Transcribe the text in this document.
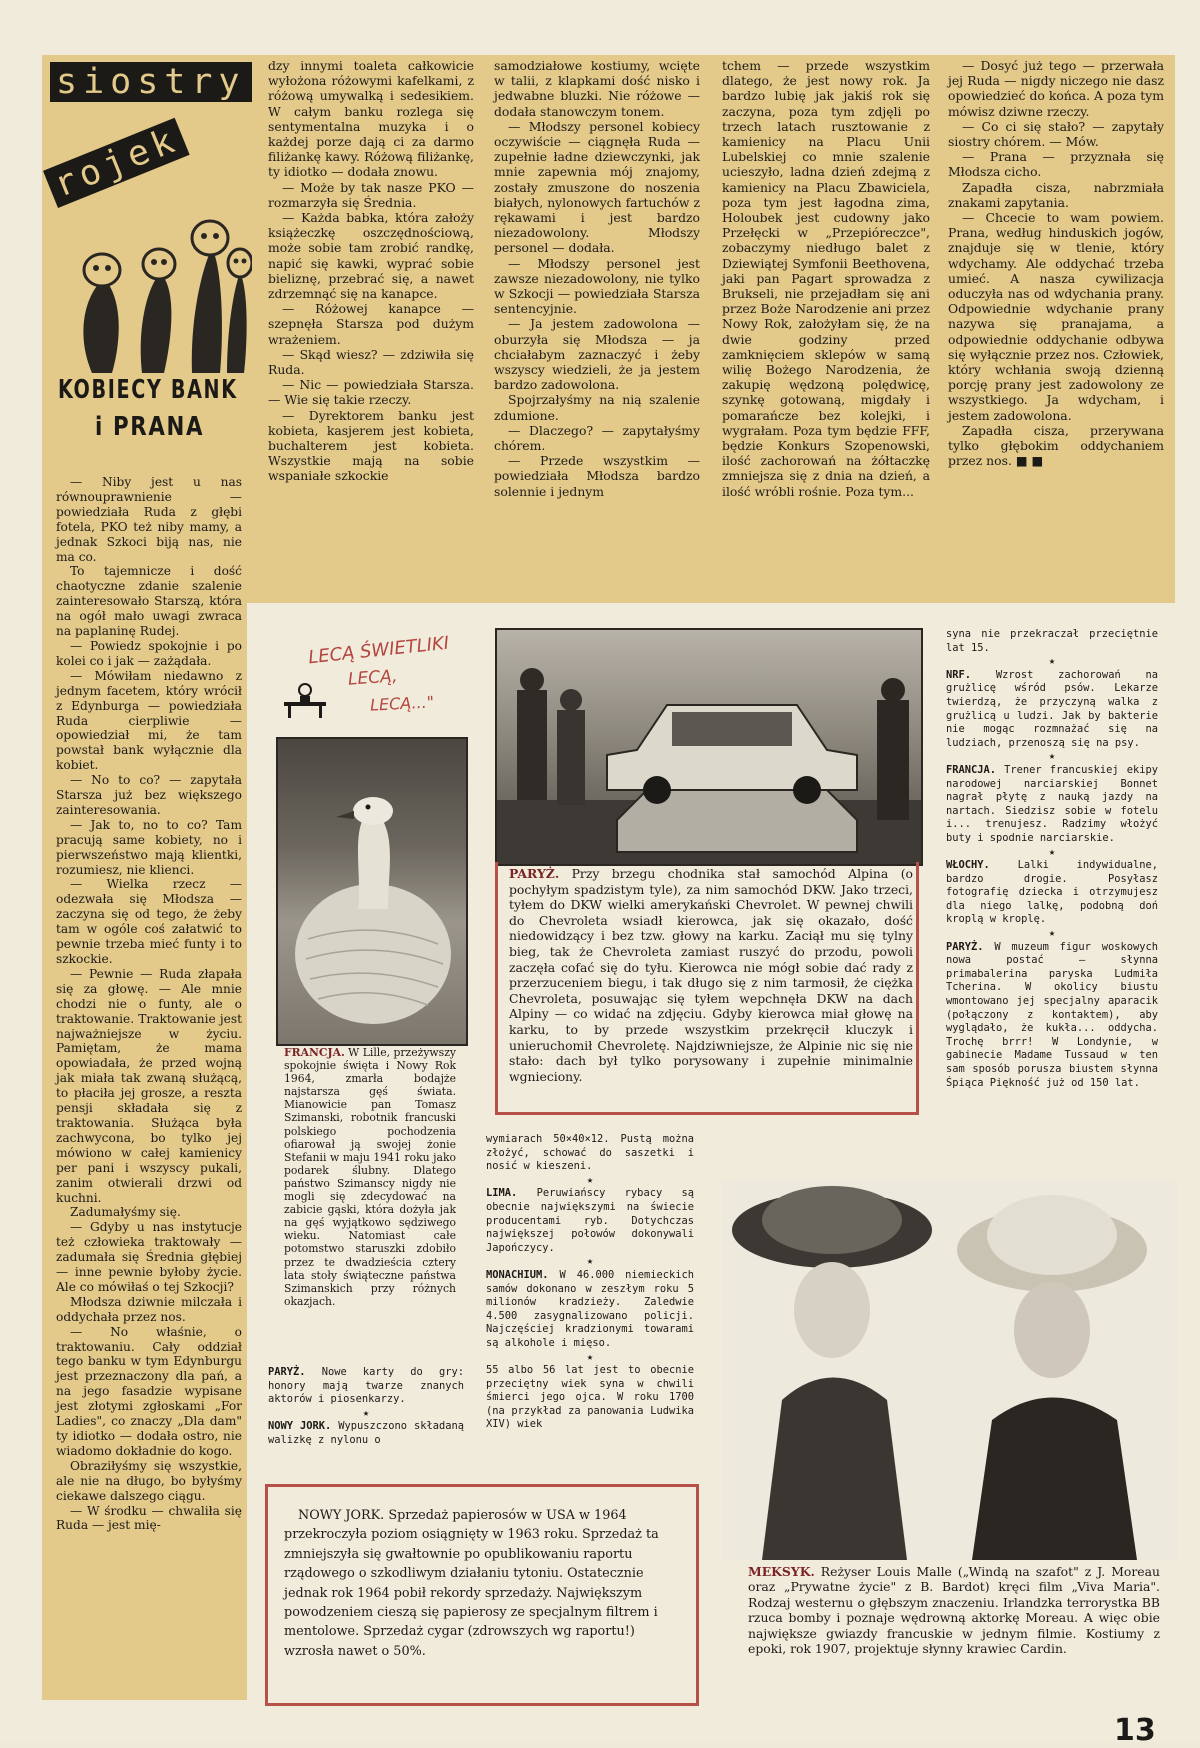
siostry
rojek
KOBIECY BANK
i PRANA

— Niby jest u nas równouprawnienie — powiedziała Ruda z głębi fotela, PKO też niby mamy, a jednak Szkoci biją nas, nie ma co.

To tajemnicze i dość chaotyczne zdanie szalenie zainteresowało Starszą, która na ogół mało uwagi zwraca na paplaninę Rudej.

— Powiedz spokojnie i po kolei co i jak — zażądała.

— Mówiłam niedawno z jednym facetem, który wrócił z Edynburga — powiedziała Ruda cierpliwie — opowiedział mi, że tam powstał bank wyłącznie dla kobiet.

— No to co? — zapytała Starsza już bez większego zainteresowania.

— Jak to, no to co? Tam pracują same kobiety, no i pierwszeństwo mają klientki, rozumiesz, nie klienci.

— Wielka rzecz — odezwała się Młodsza — zaczyna się od tego, że żeby tam w ogóle coś załatwić to pewnie trzeba mieć funty i to szkockie.

— Pewnie — Ruda złapała się za głowę. — Ale mnie chodzi nie o funty, ale o traktowanie. Traktowanie jest najważniejsze w życiu. Pamiętam, że mama opowiadała, że przed wojną jak miała tak zwaną służącą, to płaciła jej grosze, a reszta pensji składała się z traktowania. Służąca była zachwycona, bo tylko jej mówiono w całej kamienicy per pani i wszyscy pukali, zanim otwierali drzwi od kuchni.

Zadumałyśmy się.

— Gdyby u nas instytucje też człowieka traktowały — zadumała się Średnia głębiej — inne pewnie byłoby życie. Ale co mówiłaś o tej Szkocji?

Młodsza dziwnie milczała i oddychała przez nos.

— No właśnie, o traktowaniu. Cały oddział tego banku w tym Edynburgu jest przeznaczony dla pań, a na jego fasadzie wypisane jest złotymi zgłoskami „For Ladies", co znaczy „Dla dam" ty idiotko — dodała ostro, nie wiadomo dokładnie do kogo.

Obraziłyśmy się wszystkie, ale nie na długo, bo byłyśmy ciekawe dalszego ciągu.

— W środku — chwaliła się Ruda — jest mię-

dzy innymi toaleta całkowicie wyłożona różowymi kafelkami, z różową umywalką i sedesikiem. W całym banku rozlega się sentymentalna muzyka i o każdej porze dają ci za darmo filiżankę kawy. Różową filiżankę, ty idiotko — dodała znowu.

— Może by tak nasze PKO — rozmarzyła się Średnia.

— Każda babka, która założy książeczkę oszczędnościową, może sobie tam zrobić randkę, napić się kawki, wyprać sobie bieliznę, przebrać się, a nawet zdrzemnąć się na kanapce.

— Różowej kanapce — szepnęła Starsza pod dużym wrażeniem.

— Skąd wiesz? — zdziwiła się Ruda.

— Nic — powiedziała Starsza. — Wie się takie rzeczy.

— Dyrektorem banku jest kobieta, kasjerem jest kobieta, buchalterem jest kobieta. Wszystkie mają na sobie wspaniałe szkockie

samodziałowe kostiumy, wcięte w talii, z klapkami dość nisko i jedwabne bluzki. Nie różowe — dodała stanowczym tonem.

— Młodszy personel kobiecy oczywiście — ciągnęła Ruda — zupełnie ładne dziewczynki, jak mnie zapewnia mój znajomy, zostały zmuszone do noszenia białych, nylonowych fartuchów z rękawami i jest bardzo niezadowolony. Młodszy personel — dodała.

— Młodszy personel jest zawsze niezadowolony, nie tylko w Szkocji — powiedziała Starsza sentencyjnie.

— Ja jestem zadowolona — oburzyła się Młodsza — ja chciałabym zaznaczyć i żeby wszyscy wiedzieli, że ja jestem bardzo zadowolona.

Spojrzałyśmy na nią szalenie zdumione.

— Dlaczego? — zapytałyśmy chórem.

— Przede wszystkim — powiedziała Młodsza bardzo solennie i jednym

tchem — przede wszystkim dlatego, że jest nowy rok. Ja bardzo lubię jak jakiś rok się zaczyna, poza tym zdjęli po trzech latach rusztowanie z kamienicy na Placu Unii Lubelskiej co mnie szalenie ucieszyło, ladna dzień zdejmą z kamienicy na Placu Zbawiciela, poza tym jest łagodna zima, Holoubek jest cudowny jako Przełęcki w „Przepióreczce", zobaczymy niedługo balet z Dziewiątej Symfonii Beethovena, jaki pan Pagart sprowadza z Brukseli, nie przejadłam się ani przez Boże Narodzenie ani przez Nowy Rok, założyłam się, że na dwie godziny przed zamknięciem sklepów w samą wilię Bożego Narodzenia, że zakupię wędzoną polędwicę, szynkę gotowaną, migdały i pomarańcze bez kolejki, i wygrałam. Poza tym będzie FFF, będzie Konkurs Szopenowski, ilość zachorowań na żółtaczkę zmniejsza się z dnia na dzień, a ilość wróbli rośnie. Poza tym...

— Dosyć już tego — przerwała jej Ruda — nigdy niczego nie dasz opowiedzieć do końca. A poza tym mówisz dziwne rzeczy.

— Co ci się stało? — zapytały siostry chórem. — Mów.

— Prana — przyznała się Młodsza cicho.

Zapadła cisza, nabrzmiała znakami zapytania.

— Chcecie to wam powiem. Prana, według hinduskich jogów, znajduje się w tlenie, który wdychamy. Ale oddychać trzeba umieć. A nasza cywilizacja oduczyła nas od wdychania prany. Odpowiednie wdychanie prany nazywa się pranajama, a odpowiednie oddychanie odbywa się wyłącznie przez nos. Człowiek, który wchłania swoją dzienną porcję prany jest zadowolony ze wszystkiego. Ja wdycham, i jestem zadowolona.

Zapadła cisza, przerywana tylko głębokim oddychaniem przez nos. ■ ■

LECĄ ŚWIETLIKI
LECĄ,
LECĄ..."
FRANCJA. W Lille, przeżywszy spokojnie święta i Nowy Rok 1964, zmarła bodajże najstarsza gęś świata. Mianowicie pan Tomasz Szimanski, robotnik francuski polskiego pochodzenia ofiarował ją swojej żonie Stefanii w maju 1941 roku jako podarek ślubny. Dlatego państwo Szimanscy nigdy nie mogli się zdecydować na zabicie gąski, która dożyła jak na gęś wyjątkowo sędziwego wieku. Natomiast całe potomstwo staruszki zdobiło przez te dwadzieścia cztery lata stoły świąteczne państwa Szimanskich przy różnych okazjach.

PARYŻ. Nowe karty do gry: honory mają twarze znanych aktorów i piosenkarzy.

★

NOWY JORK. Wypuszczono składaną walizkę z nylonu o

PARYŻ. Przy brzegu chodnika stał samochód Alpina (o pochyłym spadzistym tyle), za nim samochód DKW. Jako trzeci, tyłem do DKW wielki amerykański Chevrolet. W pewnej chwili do Chevroleta wsiadł kierowca, jak się okazało, dość niedowidzący i bez tzw. głowy na karku. Zaciął mu się tylny bieg, tak że Chevroleta zamiast ruszyć do przodu, powoli zaczęła cofać się do tyłu. Kierowca nie mógł sobie dać rady z przerzuceniem biegu, i tak długo się z nim tarmosił, że ciężka Chevroleta, posuwając się tyłem wepchnęła DKW na dach Alpiny — co widać na zdjęciu. Gdyby kierowca miał głowę na karku, to by przede wszystkim przekręcił kluczyk i unieruchomił Chevroletę. Najdziwniejsze, że Alpinie nic się nie stało: dach był tylko porysowany i zupełnie minimalnie wgnieciony.

wymiarach 50×40×12. Pustą można złożyć, schować do saszetki i nosić w kieszeni.

★

LIMA. Peruwiańscy rybacy są obecnie największymi na świecie producentami ryb. Dotychczas największej połowów dokonywali Japończycy.

★

MONACHIUM. W 46.000 niemieckich samów dokonano w zeszłym roku 5 milionów kradzieży. Zaledwie 4.500 zasygnalizowano policji. Najczęściej kradzionymi towarami są alkohole i mięso.

★

55 albo 56 lat jest to obecnie przeciętny wiek syna w chwili śmierci jego ojca. W roku 1700 (na przykład za panowania Ludwika XIV) wiek

syna nie przekraczał przeciętnie lat 15.

★

NRF. Wzrost zachorowań na grużlicę wśród psów. Lekarze twierdzą, że przyczyną walka z grużlicą u ludzi. Jak by bakterie nie mogąc rozmnażać się na ludziach, przenoszą się na psy.

★

FRANCJA. Trener francuskiej ekipy narodowej narciarskiej Bonnet nagrał płytę z nauką jazdy na nartach. Siedzisz sobie w fotelu i... trenujesz. Radzimy włożyć buty i spodnie narciarskie.

★

WŁOCHY.	Lalki indywidualne, bardzo drogie. Posyłasz fotografię dziecka i otrzymujesz dla niego lalkę, podobną doń kroplą w kroplę.

★

PARYŻ. W muzeum figur woskowych nowa postać — słynna primabalerina paryska Ludmiła Tcherina. W okolicy biustu wmontowano jej specjalny aparacik (połączony z kontaktem), aby wyglądało, że kukła... oddycha. Trochę brrr! W Londynie, w gabinecie Madame Tussaud w ten sam sposób porusza biustem słynna Śpiąca Piękność już od 150 lat.

MEKSYK. Reżyser Louis Malle („Windą na szafot" z J. Moreau oraz „Prywatne życie" z B. Bardot) kręci film „Viva Maria". Rodzaj westernu o głębszym znaczeniu. Irlandzka terrorystka BB rzuca bomby i poznaje wędrowną aktorkę Moreau. A więc obie największe gwiazdy francuskie w jednym filmie. Kostiumy z epoki, rok 1907, projektuje słynny krawiec Cardin.

NOWY JORK. Sprzedaż papierosów w USA w 1964 przekroczyła poziom osiągnięty w 1963 roku. Sprzedaż ta zmniejszyła się gwałtownie po opublikowaniu raportu rządowego o szkodliwym działaniu tytoniu. Ostatecznie jednak rok 1964 pobił rekordy sprzedaży. Największym powodzeniem cieszą się papierosy ze specjalnym filtrem i mentolowe. Sprzedaż cygar (zdrowszych wg raportu!) wzrosła nawet o 50%.

13
